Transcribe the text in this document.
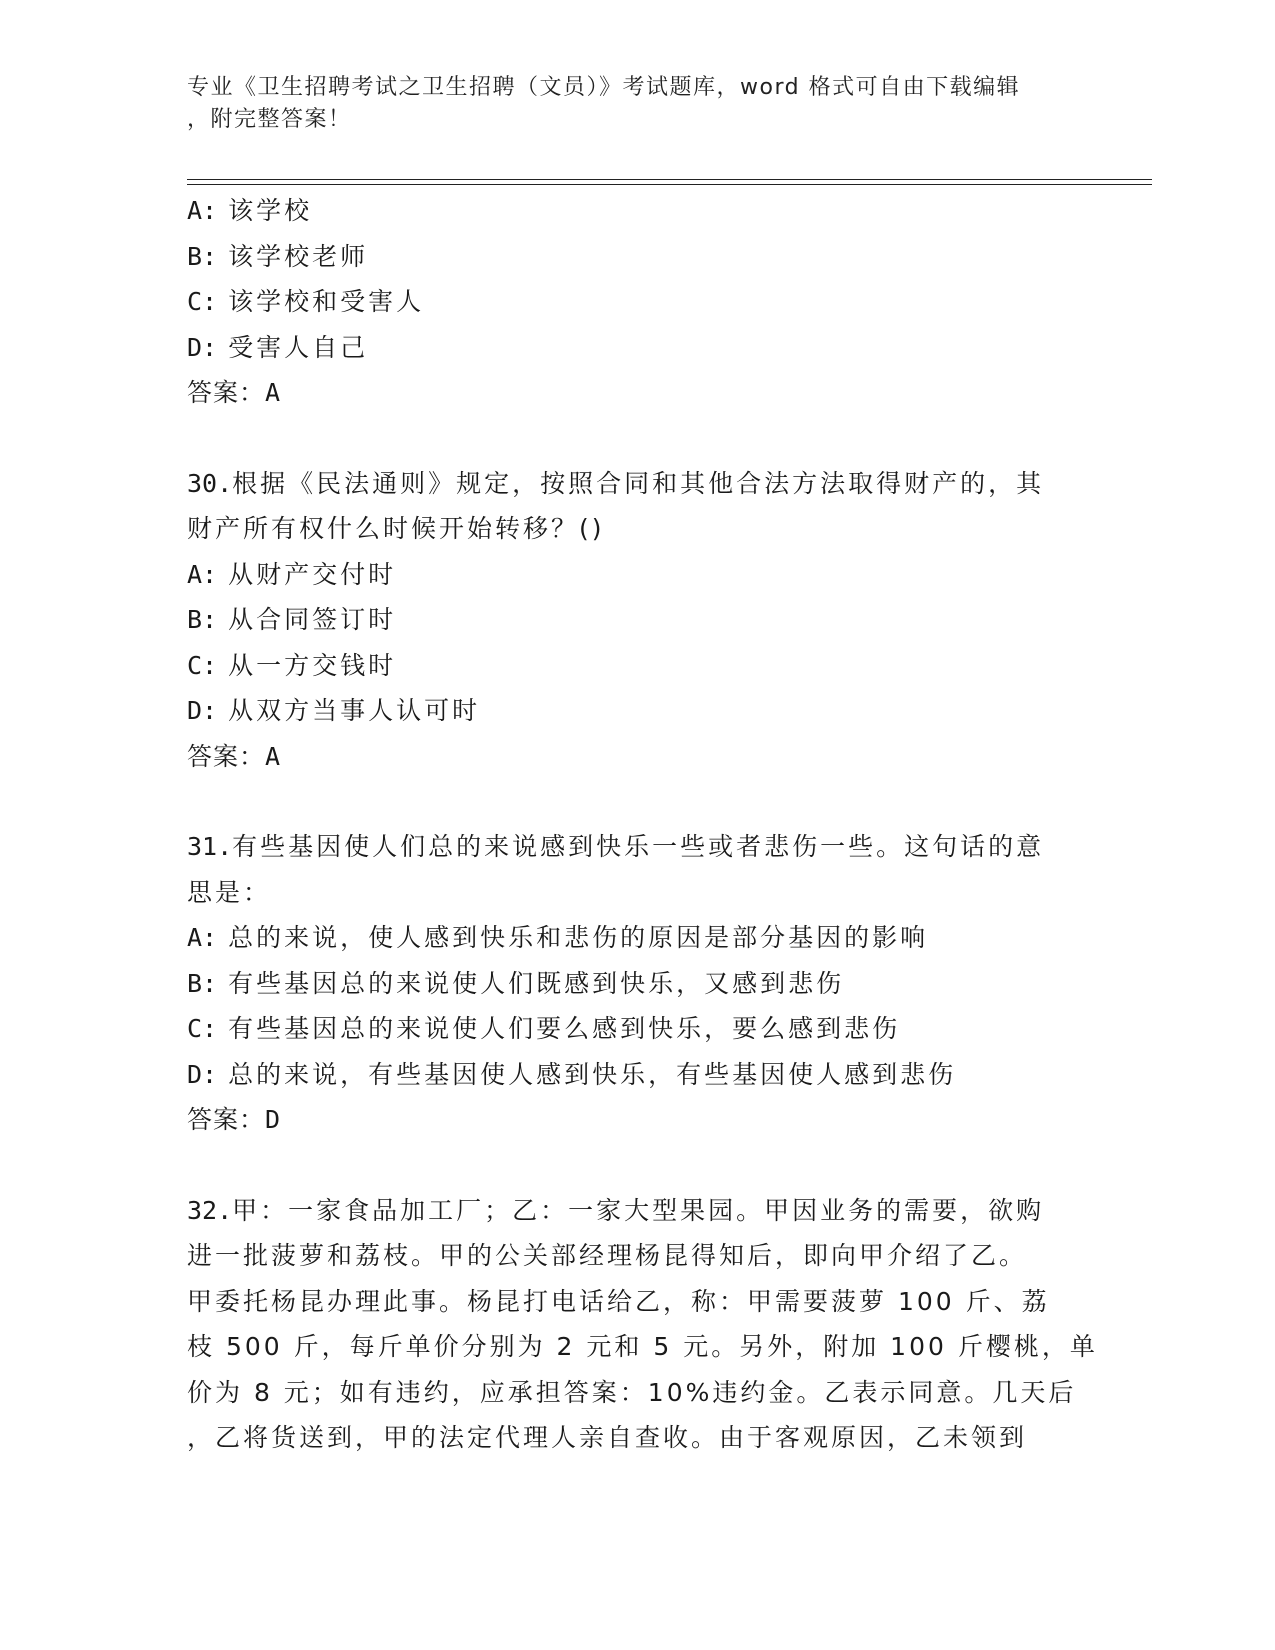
专业《卫生招聘考试之卫生招聘（文员）》考试题库，word 格式可自由下载编辑
，附完整答案！
A: 该学校
B: 该学校老师
C: 该学校和受害人
D: 受害人自己
答案：A
30.根据《民法通则》规定，按照合同和其他合法方法取得财产的，其
财产所有权什么时候开始转移？()
A: 从财产交付时
B: 从合同签订时
C: 从一方交钱时
D: 从双方当事人认可时
答案：A
31.有些基因使人们总的来说感到快乐一些或者悲伤一些。这句话的意
思是：
A: 总的来说，使人感到快乐和悲伤的原因是部分基因的影响
B: 有些基因总的来说使人们既感到快乐，又感到悲伤
C: 有些基因总的来说使人们要么感到快乐，要么感到悲伤
D: 总的来说，有些基因使人感到快乐，有些基因使人感到悲伤
答案：D
32.甲：一家食品加工厂；乙：一家大型果园。甲因业务的需要，欲购
进一批菠萝和荔枝。甲的公关部经理杨昆得知后，即向甲介绍了乙。
甲委托杨昆办理此事。杨昆打电话给乙，称：甲需要菠萝 100 斤、荔
枝 500 斤，每斤单价分别为 2 元和 5 元。另外，附加 100 斤樱桃，单
价为 8 元；如有违约，应承担答案：10%违约金。乙表示同意。几天后
，乙将货送到，甲的法定代理人亲自查收。由于客观原因，乙未领到
